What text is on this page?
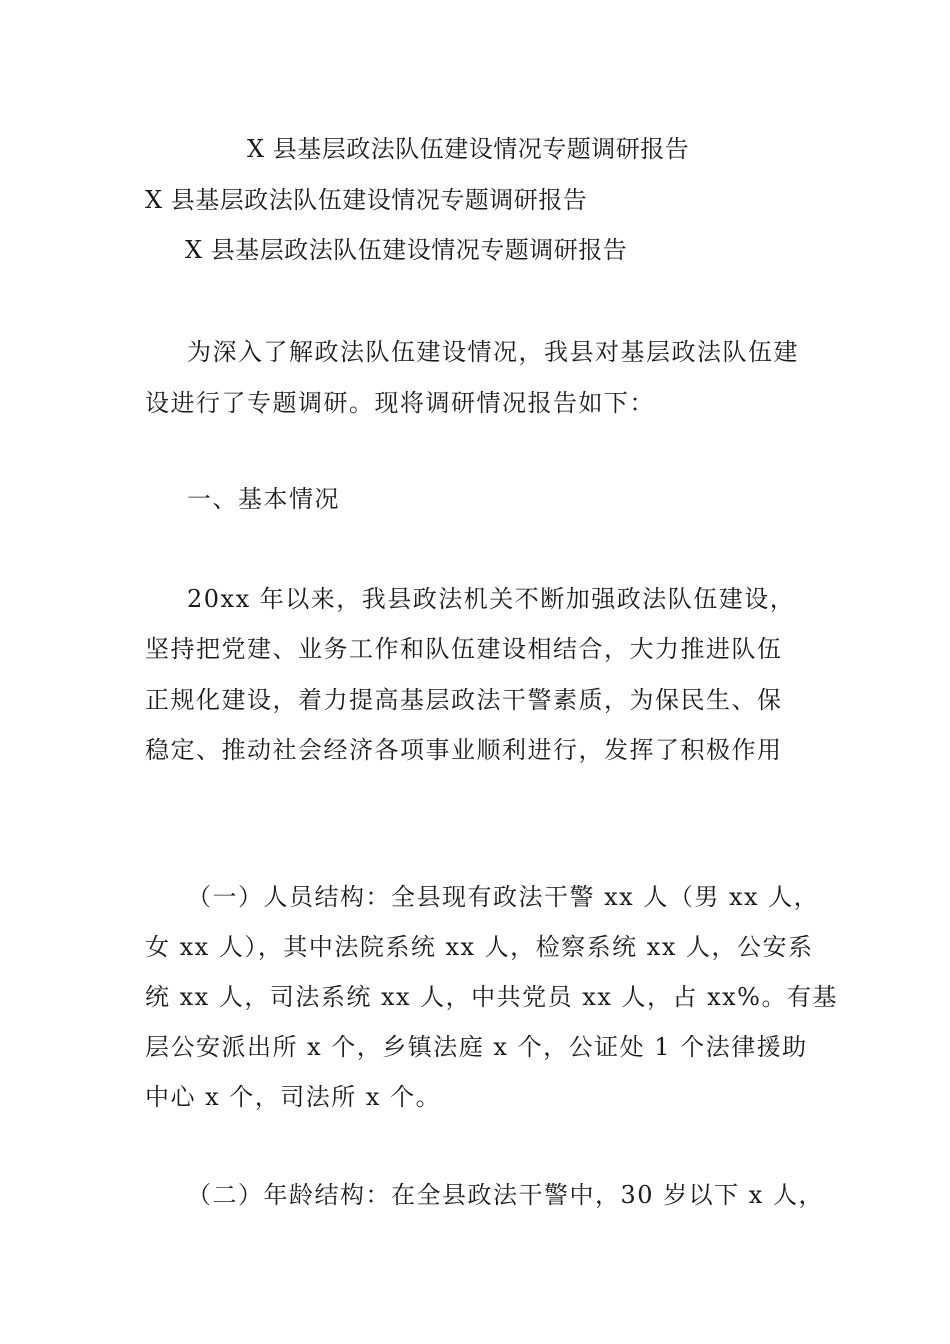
X 县基层政法队伍建设情况专题调研报告
X 县基层政法队伍建设情况专题调研报告
X 县基层政法队伍建设情况专题调研报告
为深入了解政法队伍建设情况，我县对基层政法队伍建
设进行了专题调研。现将调研情况报告如下：
一、基本情况
20xx 年以来，我县政法机关不断加强政法队伍建设，
坚持把党建、业务工作和队伍建设相结合，大力推进队伍
正规化建设，着力提高基层政法干警素质，为保民生、保
稳定、推动社会经济各项事业顺利进行，发挥了积极作用
（一）人员结构：全县现有政法干警 xx 人（男 xx 人，
女 xx 人），其中法院系统 xx 人，检察系统 xx 人，公安系
统 xx 人，司法系统 xx 人，中共党员 xx 人，占 xx%。有基
层公安派出所 x 个，乡镇法庭 x 个，公证处 1 个法律援助
中心 x 个，司法所 x 个。
（二）年龄结构：在全县政法干警中，30 岁以下 x 人，
